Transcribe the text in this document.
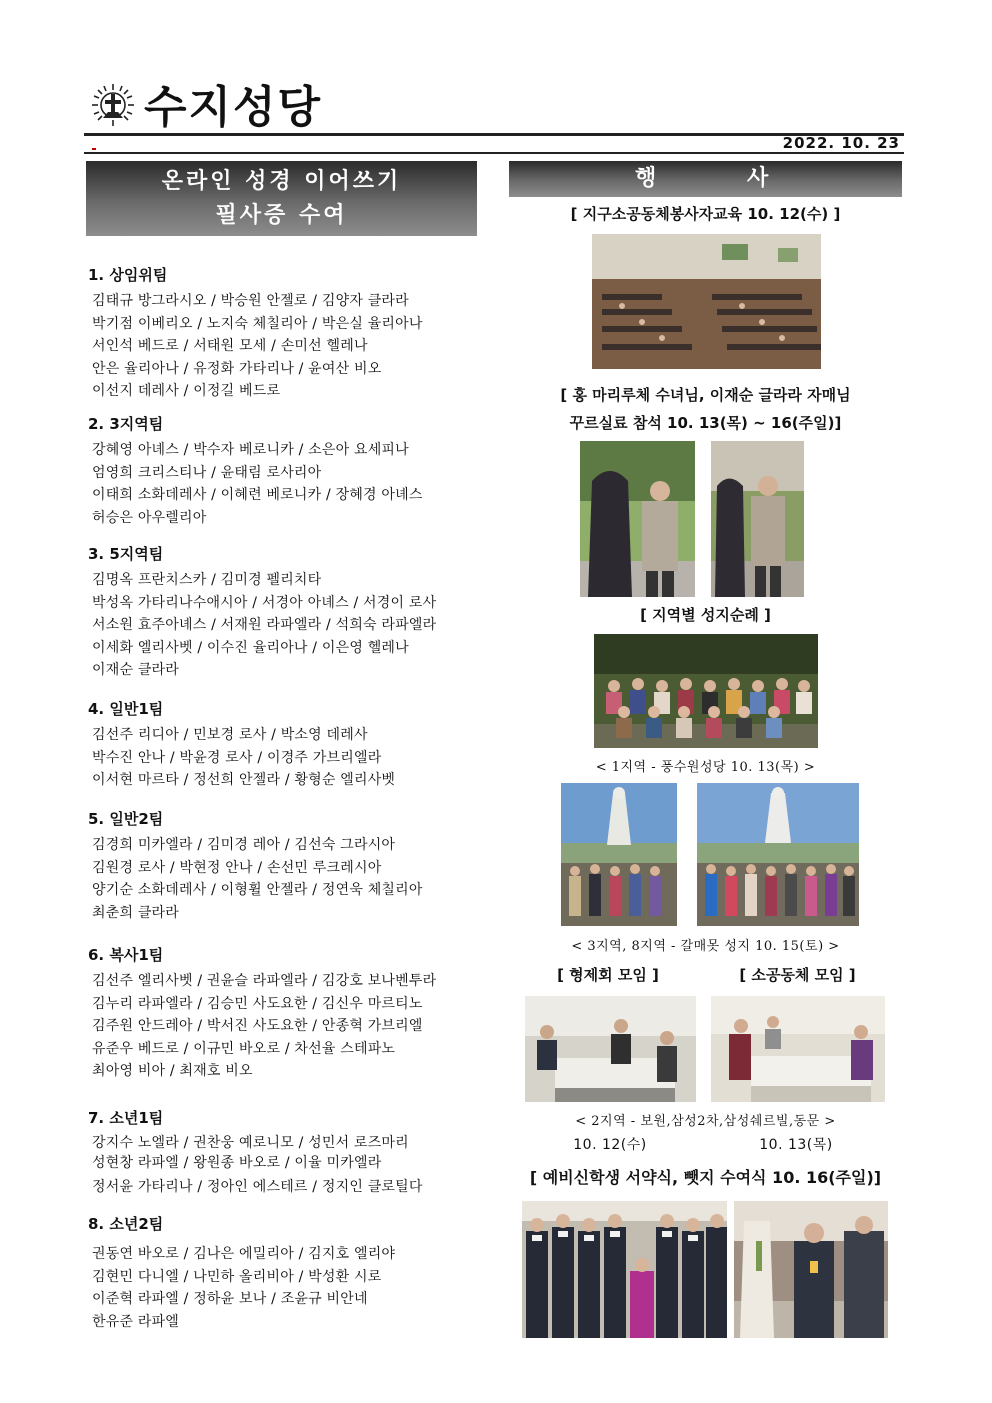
수지성당
2022. 10. 23
온라인 성경 이어쓰기
필사증 수여
1. 상임위팀
김태규 방그라시오 / 박승원 안젤로 / 김양자 클라라
박기점 이베리오 / 노지숙 체칠리아 / 박은실 율리아나
서인석 베드로 / 서태원 모세 / 손미선 헬레나
안은 율리아나 / 유정화 가타리나 / 윤여산 비오
이선지 데레사 / 이정길 베드로
2. 3지역팀
강혜영 아녜스 / 박수자 베로니카 / 소은아 요세피나
엄영희 크리스티나 / 윤태림 로사리아
이태희 소화데레사 / 이혜련 베로니카 / 장혜경 아녜스
허승은 아우렐리아
3. 5지역팀
김명옥 프란치스카 / 김미경 펠리치타
박성옥 가타리나수애시아 / 서경아 아녜스 / 서경이 로사
서소원 효주아녜스 / 서재원 라파엘라 / 석희숙 라파엘라
이세화 엘리사벳 / 이수진 율리아나 / 이은영 헬레나
이재순 클라라
4. 일반1팀
김선주 리디아 / 민보경 로사 / 박소영 데레사
박수진 안나 / 박윤경 로사 / 이경주 가브리엘라
이서현 마르타 / 정선희 안젤라 / 황형순 엘리사벳
5. 일반2팀
김경희 미카엘라 / 김미경 레아 / 김선숙 그라시아
김원경 로사 / 박현정 안나 / 손선민 루크레시아
양기순 소화데레사 / 이형휠 안젤라 / 정연욱 체칠리아
최춘희 클라라
6. 복사1팀
김선주 엘리사벳 / 권윤슬 라파엘라 / 김강호 보나벤투라
김누리 라파엘라 / 김승민 사도요한 / 김신우 마르티노
김주원 안드레아 / 박서진 사도요한 / 안종혁 가브리엘
유준우 베드로 / 이규민 바오로 / 차선율 스테파노
최아영 비아 / 최재호 비오
7. 소년1팀
강지수 노엘라 / 권찬웅 예로니모 / 성민서 로즈마리
성현창 라파엘 / 왕원종 바오로 / 이율 미카엘라
정서윤 가타리나 / 정아인 에스테르 / 정지인 클로틸다
8. 소년2팀
권동연 바오로 / 김나은 에밀리아 / 김지호 엘리야
김현민 다니엘 / 나민하 올리비아 / 박성환 시로
이준혁 라파엘 / 정하윤 보나 / 조윤규 비안네
한유준 라파엘
행	사
[ 지구소공동체봉사자교육 10. 12(수) ]
[ 홍 마리루체 수녀님, 이재순 글라라 자매님
꾸르실료 참석 10. 13(목) ~ 16(주일)]
[ 지역별 성지순례 ]
< 1지역 - 풍수원성당 10. 13(목) >
< 3지역, 8지역 - 갈매못 성지 10. 15(토) >
[ 형제회 모임 ]	[ 소공동체 모임 ]
< 2지역 - 보원,삼성2차,삼성쉐르빌,동문 >
10. 12(수)	10. 13(목)
[ 예비신학생 서약식, 뺏지 수여식 10. 16(주일)]
